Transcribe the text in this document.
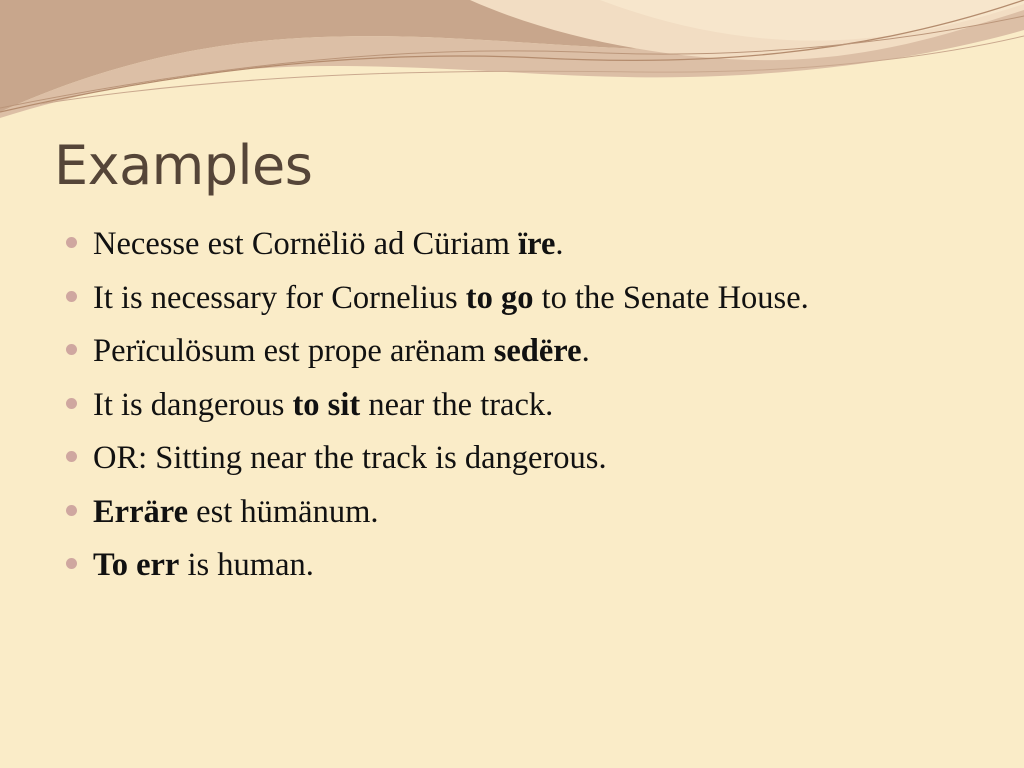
Examples
Necesse est Cornëliö ad Cüriam ïre.
It is necessary for Cornelius to go to the Senate House.
Perïculösum est prope arënam sedëre.
It is dangerous to sit near the track.
OR: Sitting near the track is dangerous.
Erräre est hümänum.
To err is human.
